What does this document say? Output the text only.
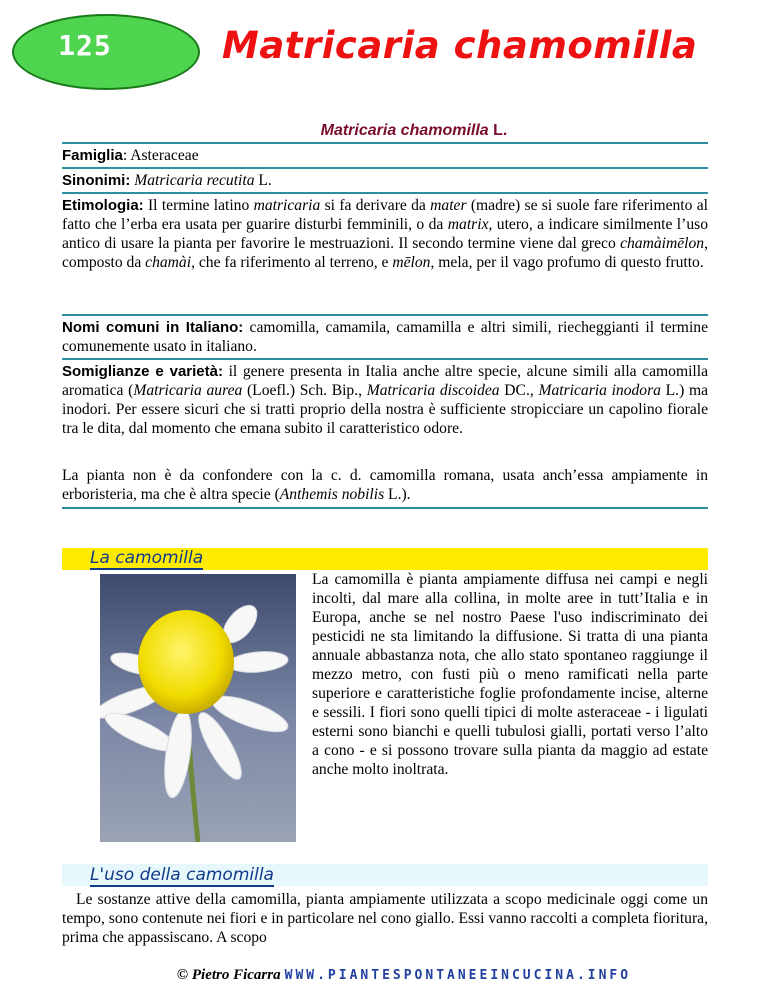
125	Matricaria chamomilla
Matricaria chamomilla L.
Famiglia: Asteraceae
Sinonimi: Matricaria recutita L.
Etimologia: Il termine latino matricaria si fa derivare da mater (madre) se si suole fare riferimento al fatto che l’erba era usata per guarire disturbi femminili, o da matrix, utero, a indicare similmente l’uso antico di usare la pianta per favorire le mestruazioni. Il secondo termine viene dal greco chamàimēlon, composto da chamài, che fa riferimento al terreno, e mēlon, mela, per il vago profumo di questo frutto.
Nomi comuni in Italiano: camomilla, camamila, camamilla e altri simili, riecheggianti il termine comunemente usato in italiano.
Somiglianze e varietà: il genere presenta in Italia anche altre specie, alcune simili alla camomilla aromatica (Matricaria aurea (Loefl.) Sch. Bip., Matricaria discoidea DC., Matricaria inodora L.) ma inodori. Per essere sicuri che si tratti proprio della nostra è sufficiente stropicciare un capolino fiorale tra le dita, dal momento che emana subito il caratteristico odore.
La pianta non è da confondere con la c. d. camomilla romana, usata anch’essa ampiamente in erboristeria, ma che è altra specie (Anthemis nobilis L.).
La camomilla
La camomilla è pianta ampiamente diffusa nei campi e negli incolti, dal mare alla collina, in molte aree in tutt’Italia e in Europa, anche se nel nostro Paese l'uso indiscriminato dei pesticidi ne sta limitando la diffusione. Si tratta di una pianta annuale abbastanza nota, che allo stato spontaneo raggiunge il mezzo metro, con fusti più o meno ramificati nella parte superiore e caratteristiche foglie profondamente incise, alterne e sessili. I fiori sono quelli tipici di molte asteraceae - i ligulati esterni sono bianchi e quelli tubulosi gialli, portati verso l’alto a cono - e si possono trovare sulla pianta da maggio ad estate anche molto inoltrata.
L'uso della camomilla
Le sostanze attive della camomilla, pianta ampiamente utilizzata a scopo medicinale oggi come un tempo, sono contenute nei fiori e in particolare nel cono giallo. Essi vanno raccolti a completa fioritura, prima che appassiscano. A scopo
© Pietro Ficarra WWW.PIANTESPONTANEEINCUCINA.INFO
